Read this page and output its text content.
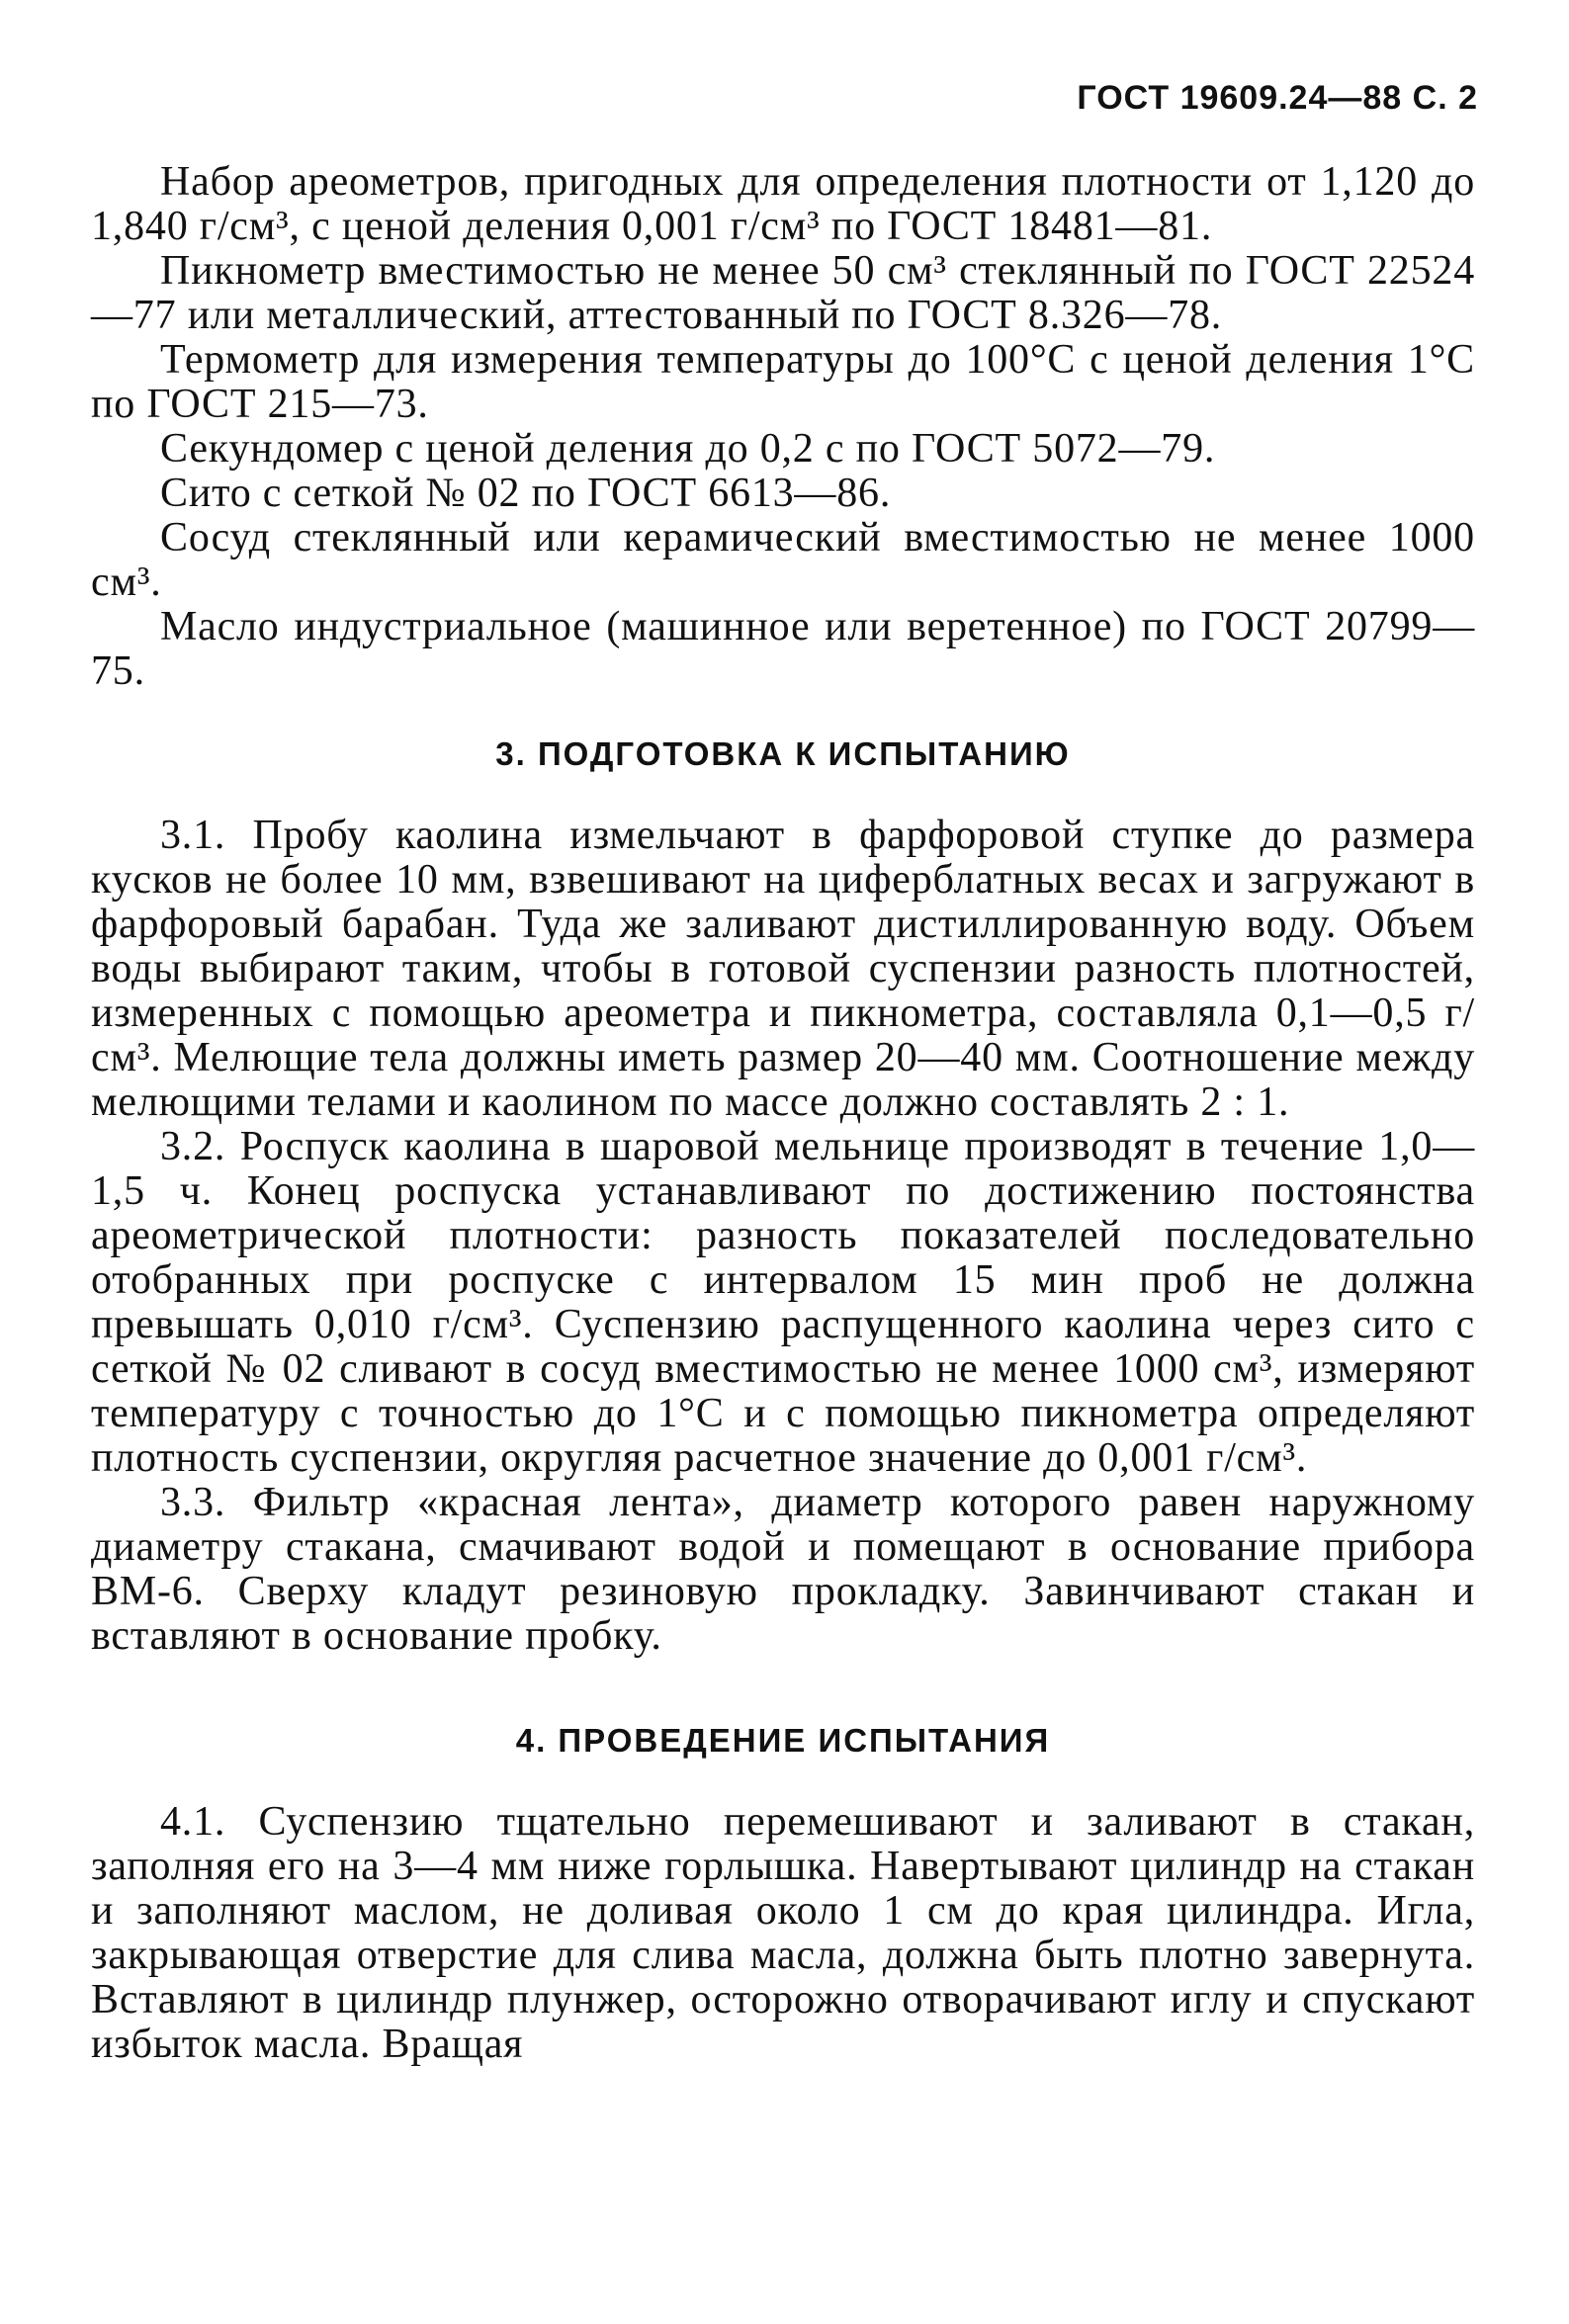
ГОСТ 19609.24—88 С. 2

Набор ареометров, пригодных для определения плотности от 1,120 до 1,840 г/см³, с ценой деления 0,001 г/см³ по ГОСТ 18481—81.

Пикнометр вместимостью не менее 50 см³ стеклянный по ГОСТ 22524—77 или металлический, аттестованный по ГОСТ 8.326—78.

Термометр для измерения температуры до 100°С с ценой деления 1°С по ГОСТ 215—73.

Секундомер с ценой деления до 0,2 с по ГОСТ 5072—79.

Сито с сеткой № 02 по ГОСТ 6613—86.

Сосуд стеклянный или керамический вместимостью не менее 1000 см³.

Масло индустриальное (машинное или веретенное) по ГОСТ 20799—75.

3. ПОДГОТОВКА К ИСПЫТАНИЮ

3.1. Пробу каолина измельчают в фарфоровой ступке до размера кусков не более 10 мм, взвешивают на циферблатных весах и загружают в фарфоровый барабан. Туда же заливают дистиллированную воду. Объем воды выбирают таким, чтобы в готовой суспензии разность плотностей, измеренных с помощью ареометра и пикнометра, составляла 0,1—0,5 г/см³. Мелющие тела должны иметь размер 20—40 мм. Соотношение между мелющими телами и каолином по массе должно составлять 2 : 1.

3.2. Роспуск каолина в шаровой мельнице производят в течение 1,0—1,5 ч. Конец роспуска устанавливают по достижению постоянства ареометрической плотности: разность показателей последовательно отобранных при роспуске с интервалом 15 мин проб не должна превышать 0,010 г/см³. Суспензию распущенного каолина через сито с сеткой № 02 сливают в сосуд вместимостью не менее 1000 см³, измеряют температуру с точностью до 1°С и с помощью пикнометра определяют плотность суспензии, округляя расчетное значение до 0,001 г/см³.

3.3. Фильтр «красная лента», диаметр которого равен наружному диаметру стакана, смачивают водой и помещают в основание прибора ВМ-6. Сверху кладут резиновую прокладку. Завинчивают стакан и вставляют в основание пробку.

4. ПРОВЕДЕНИЕ ИСПЫТАНИЯ

4.1. Суспензию тщательно перемешивают и заливают в стакан, заполняя его на 3—4 мм ниже горлышка. Навертывают цилиндр на стакан и заполняют маслом, не доливая около 1 см до края цилиндра. Игла, закрывающая отверстие для слива масла, должна быть плотно завернута. Вставляют в цилиндр плунжер, осторожно отворачивают иглу и спускают избыток масла. Вращая
